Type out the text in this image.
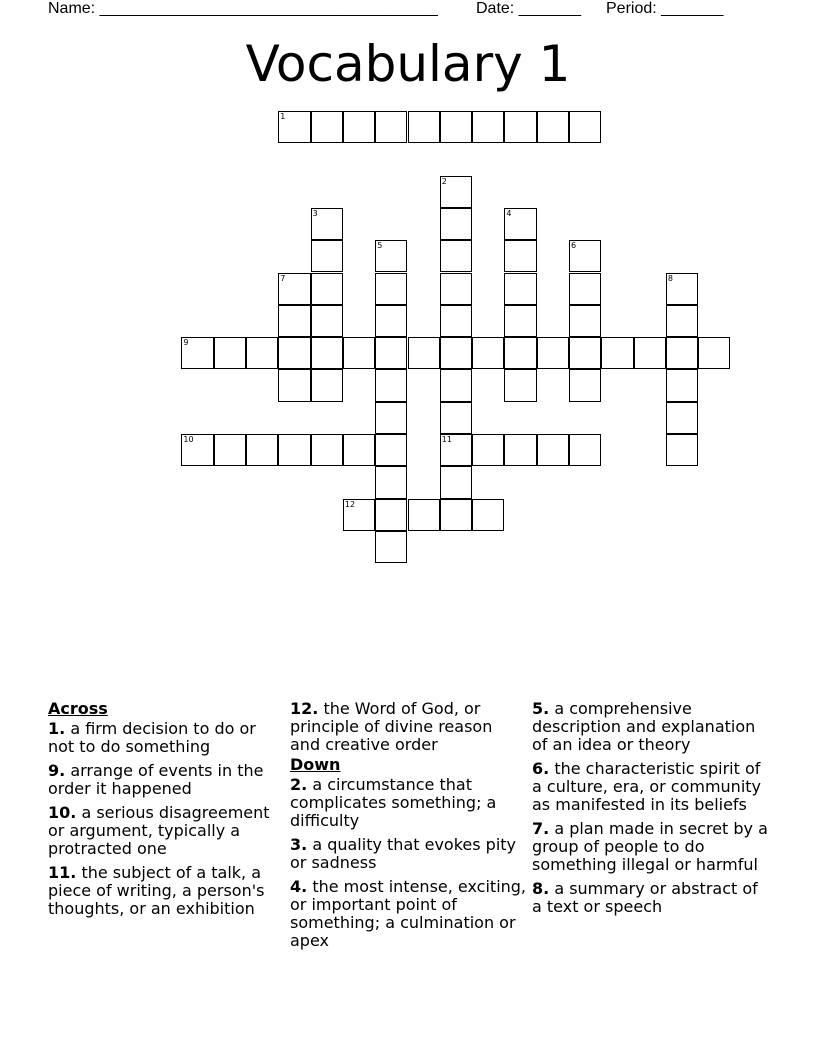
Name: ______________________________________ Date: _______ Period: _______
Vocabulary 1
1
2
11
3
5
4
6
7	8
9
10
12
Across
1. a firm decision to do or not to do something
9. arrange of events in the order it happened
10. a serious disagreement or argument, typically a protracted one
11. the subject of a talk, a piece of writing, a person's thoughts, or an exhibition
12. the Word of God, or principle of divine reason and creative order
Down
2. a circumstance that complicates something; a difficulty
3. a quality that evokes pity or sadness
4. the most intense, exciting, or important point of something; a culmination or apex
5. a comprehensive description and explanation of an idea or theory
6. the characteristic spirit of a culture, era, or community as manifested in its beliefs
7. a plan made in secret by a group of people to do something illegal or harmful
8. a summary or abstract of a text or speech
